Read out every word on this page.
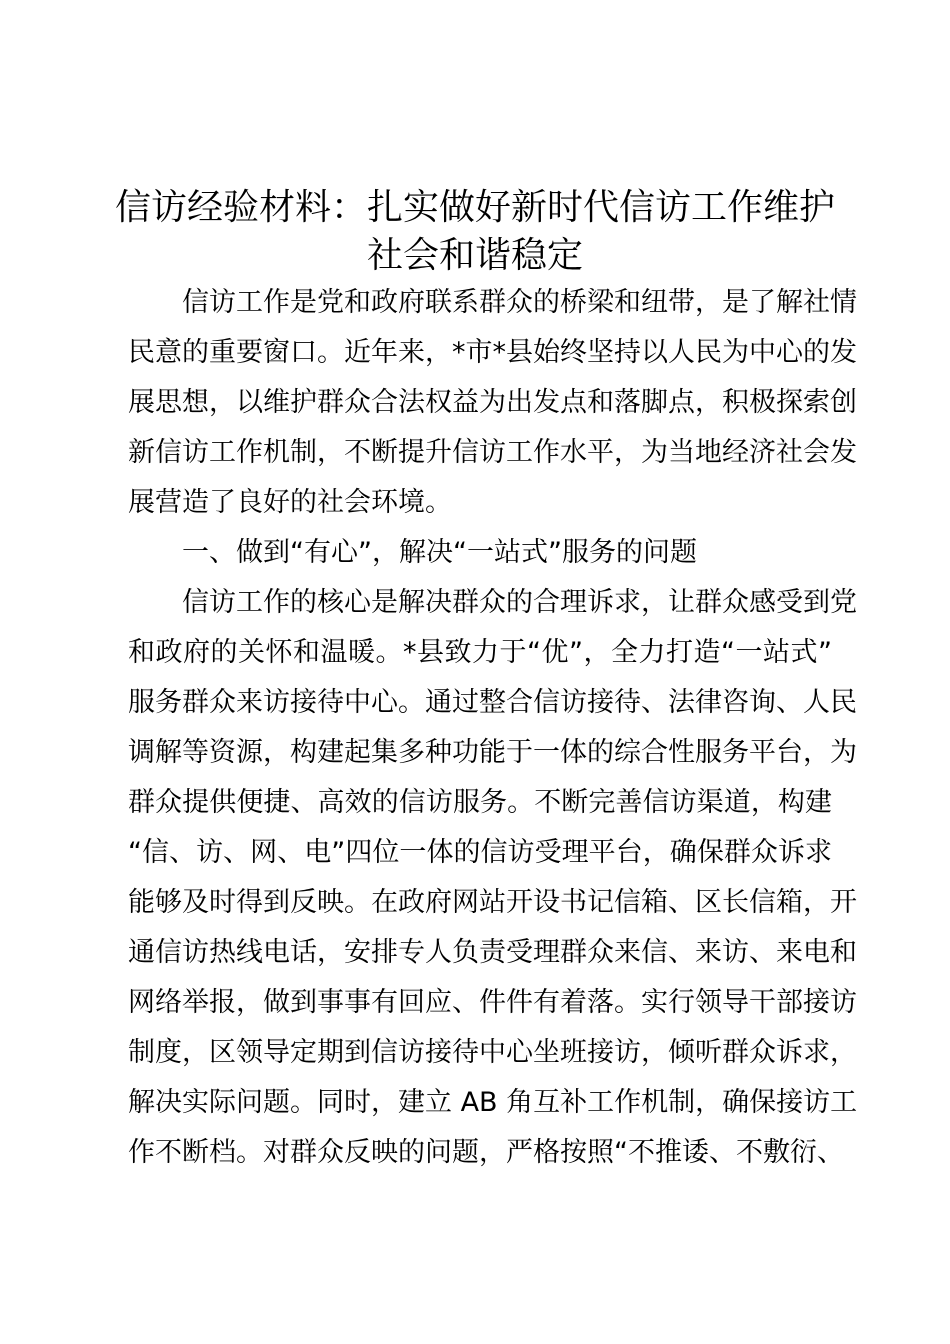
信访经验材料：扎实做好新时代信访工作维护
社会和谐稳定

信访工作是党和政府联系群众的桥梁和纽带，是了解社情

民意的重要窗口。近年来，*市*县始终坚持以人民为中心的发

展思想，以维护群众合法权益为出发点和落脚点，积极探索创

新信访工作机制，不断提升信访工作水平，为当地经济社会发

展营造了良好的社会环境。

一、做到“有心”，解决“一站式”服务的问题

信访工作的核心是解决群众的合理诉求，让群众感受到党

和政府的关怀和温暖。*县致力于“优”，全力打造“一站式”

服务群众来访接待中心。通过整合信访接待、法律咨询、人民

调解等资源，构建起集多种功能于一体的综合性服务平台，为

群众提供便捷、高效的信访服务。不断完善信访渠道，构建

“信、访、网、电”四位一体的信访受理平台，确保群众诉求

能够及时得到反映。在政府网站开设书记信箱、区长信箱，开

通信访热线电话，安排专人负责受理群众来信、来访、来电和

网络举报，做到事事有回应、件件有着落。实行领导干部接访

制度，区领导定期到信访接待中心坐班接访，倾听群众诉求，

解决实际问题。同时，建立 AB 角互补工作机制，确保接访工

作不断档。对群众反映的问题，严格按照“不推诿、不敷衍、
